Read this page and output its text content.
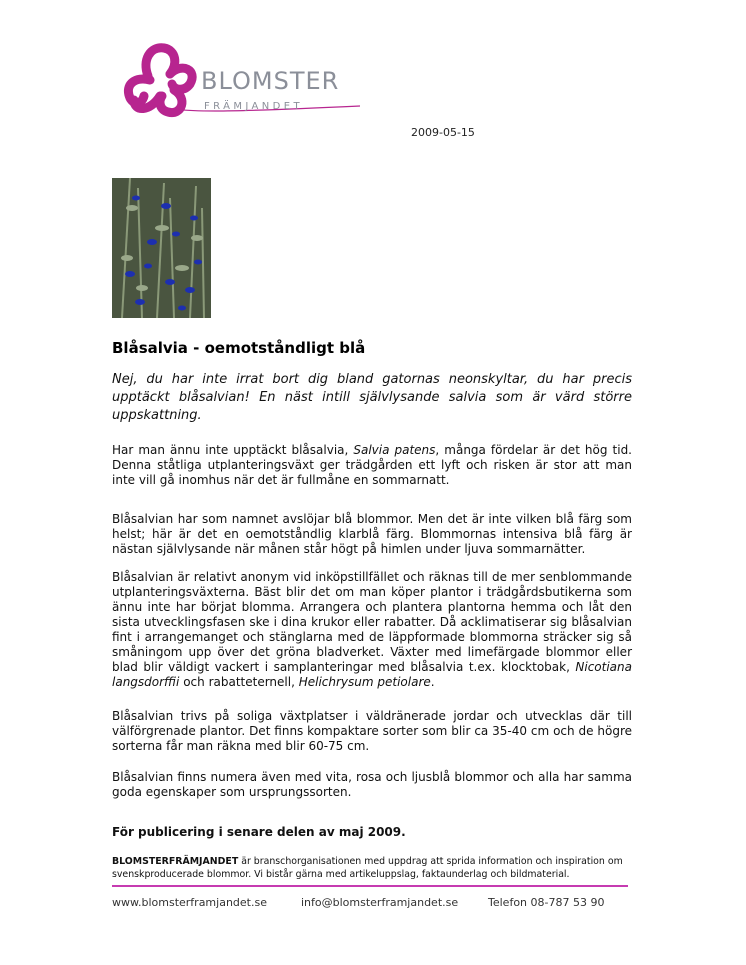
BLOMSTER
FRÄMJANDET
2009-05-15
Blåsalvia - oemotståndligt blå

Nej, du har inte irrat bort dig bland gatornas neonskyltar, du har precis upptäckt blåsalvian! En näst intill självlysande salvia som är värd större uppskattning.

Har man ännu inte upptäckt blåsalvia, Salvia patens, många fördelar är det hög tid. Denna ståtliga utplanteringsväxt ger trädgården ett lyft och risken är stor att man inte vill gå inomhus när det är fullmåne en sommarnatt.

Blåsalvian har som namnet avslöjar blå blommor. Men det är inte vilken blå färg som helst; här är det en oemotståndlig klarblå färg. Blommornas intensiva blå färg är nästan självlysande när månen står högt på himlen under ljuva sommarnätter.

Blåsalvian är relativt anonym vid inköpstillfället och räknas till de mer senblommande utplanteringsväxterna. Bäst blir det om man köper plantor i trädgårdsbutikerna som ännu inte har börjat blomma. Arrangera och plantera plantorna hemma och låt den sista utvecklingsfasen ske i dina krukor eller rabatter. Då acklimatiserar sig blåsalvian fint i arrangemanget och stänglarna med de läppformade blommorna sträcker sig så småningom upp över det gröna bladverket. Växter med limefärgade blommor eller blad blir väldigt vackert i samplanteringar med blåsalvia t.ex. klocktobak, Nicotiana langsdorffii och rabatteternell, Helichrysum petiolare.

Blåsalvian trivs på soliga växtplatser i väldränerade jordar och utvecklas där till välförgrenade plantor. Det finns kompaktare sorter som blir ca 35-40 cm och de högre sorterna får man räkna med blir 60-75 cm.

Blåsalvian finns numera även med vita, rosa och ljusblå blommor och alla har samma goda egenskaper som ursprungssorten.

För publicering i senare delen av maj 2009.

BLOMSTERFRÄMJANDET är branschorganisationen med uppdrag att sprida information och inspiration om svenskproducerade blommor. Vi bistår gärna med artikeluppslag, faktaunderlag och bildmaterial.

www.blomsterframjandet.se	info@blomsterframjandet.se	Telefon 08-787 53 90
